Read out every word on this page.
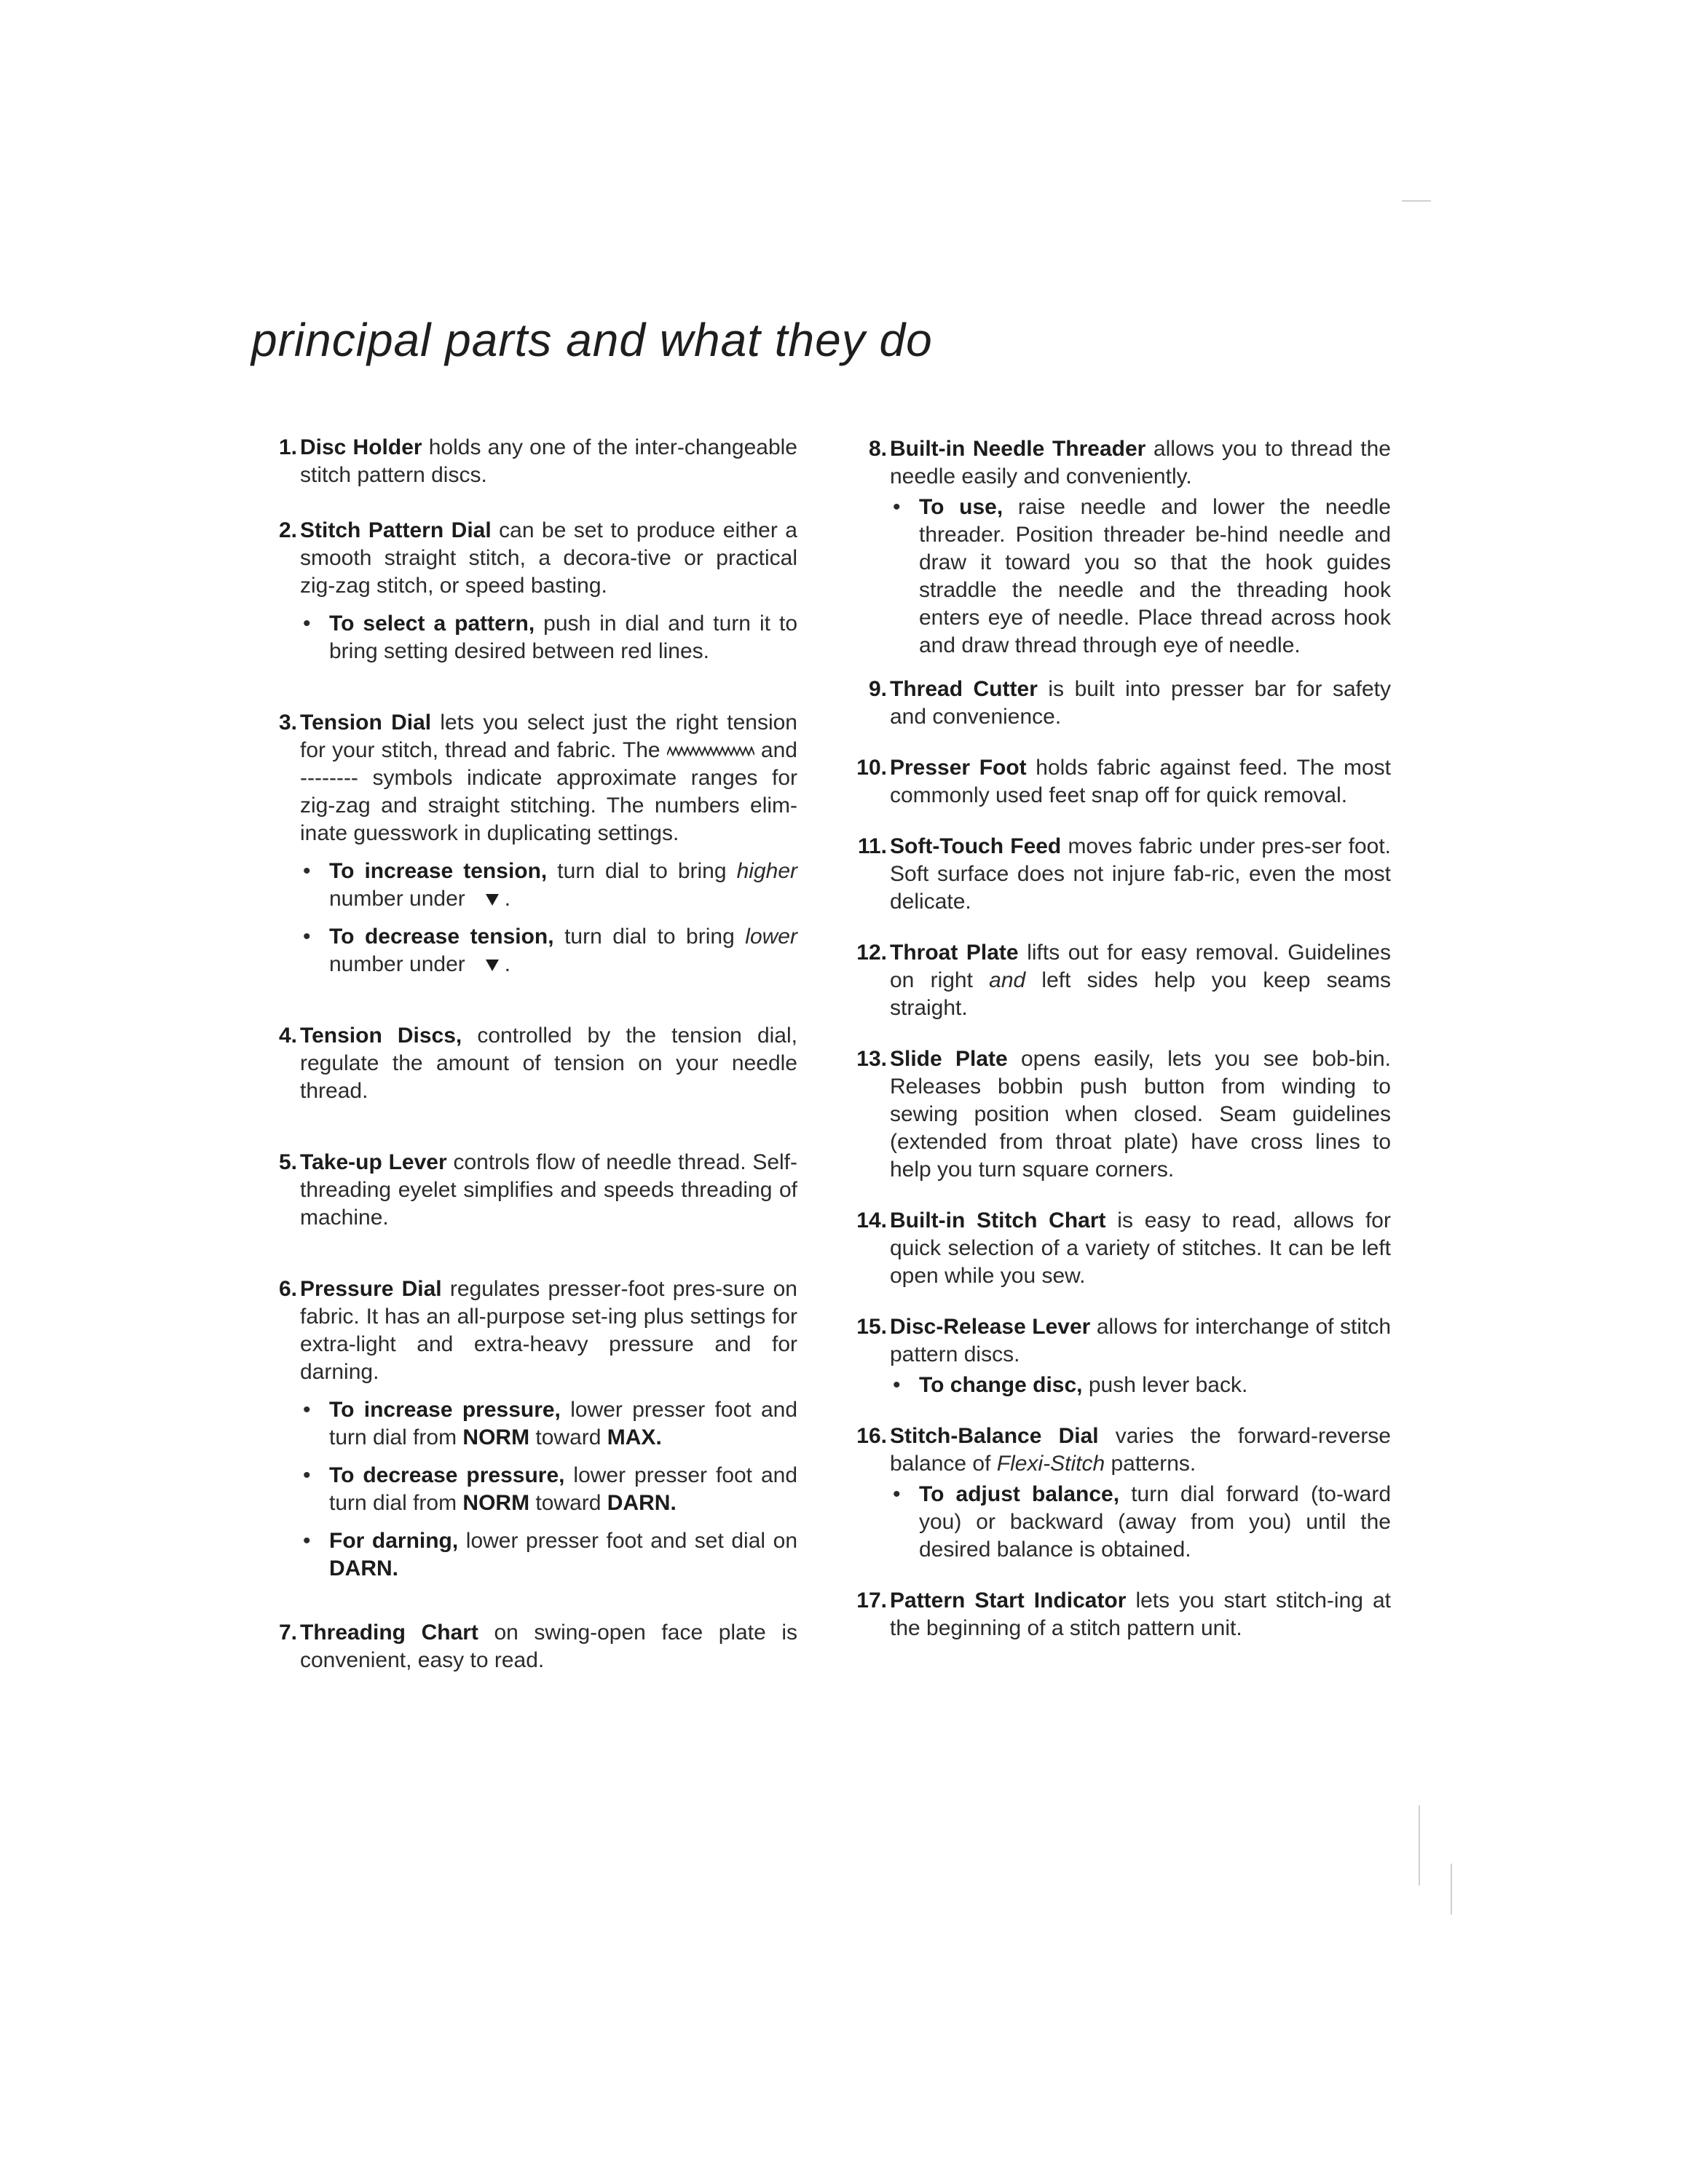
principal parts and what they do
1. Disc Holder holds any one of the inter-changeable stitch pattern discs.
2. Stitch Pattern Dial can be set to produce either a smooth straight stitch, a decora-tive or practical zig-zag stitch, or speed basting.
• To select a pattern, push in dial and turn it to bring setting desired between red lines.
3. Tension Dial lets you select just the right tension for your stitch, thread and fabric. The	and -------- symbols indicate approximate ranges for zig-zag and straight stitching. The numbers elim-inate guesswork in duplicating settings.
• To increase tension, turn dial to bring higher number under .
• To decrease tension, turn dial to bring lower number under .
4. Tension Discs, controlled by the tension dial, regulate the amount of tension on your needle thread.
5. Take-up Lever controls flow of needle thread. Self-threading eyelet simplifies and speeds threading of machine.
6. Pressure Dial regulates presser-foot pres-sure on fabric. It has an all-purpose set-ing plus settings for extra-light and extra-heavy pressure and for darning.
• To increase pressure, lower presser foot and turn dial from NORM toward MAX.
• To decrease pressure, lower presser foot and turn dial from NORM toward DARN.
• For darning, lower presser foot and set dial on DARN.
7. Threading Chart on swing-open face plate is convenient, easy to read.
8. Built-in Needle Threader allows you to thread the needle easily and conveniently.
• To use, raise needle and lower the needle threader. Position threader be-hind needle and draw it toward you so that the hook guides straddle the needle and the threading hook enters eye of needle. Place thread across hook and draw thread through eye of needle.
9. Thread Cutter is built into presser bar for safety and convenience.
10. Presser Foot holds fabric against feed. The most commonly used feet snap off for quick removal.
11. Soft-Touch Feed moves fabric under pres-ser foot. Soft surface does not injure fab-ric, even the most delicate.
12. Throat Plate lifts out for easy removal. Guidelines on right and left sides help you keep seams straight.
13. Slide Plate opens easily, lets you see bob-bin. Releases bobbin push button from winding to sewing position when closed. Seam guidelines (extended from throat plate) have cross lines to help you turn square corners.
14. Built-in Stitch Chart is easy to read, allows for quick selection of a variety of stitches. It can be left open while you sew.
15. Disc-Release Lever allows for interchange of stitch pattern discs.
• To change disc, push lever back.
16. Stitch-Balance Dial varies the forward-reverse balance of Flexi-Stitch patterns.
• To adjust balance, turn dial forward (to-ward you) or backward (away from you) until the desired balance is obtained.
17. Pattern Start Indicator lets you start stitch-ing at the beginning of a stitch pattern unit.
